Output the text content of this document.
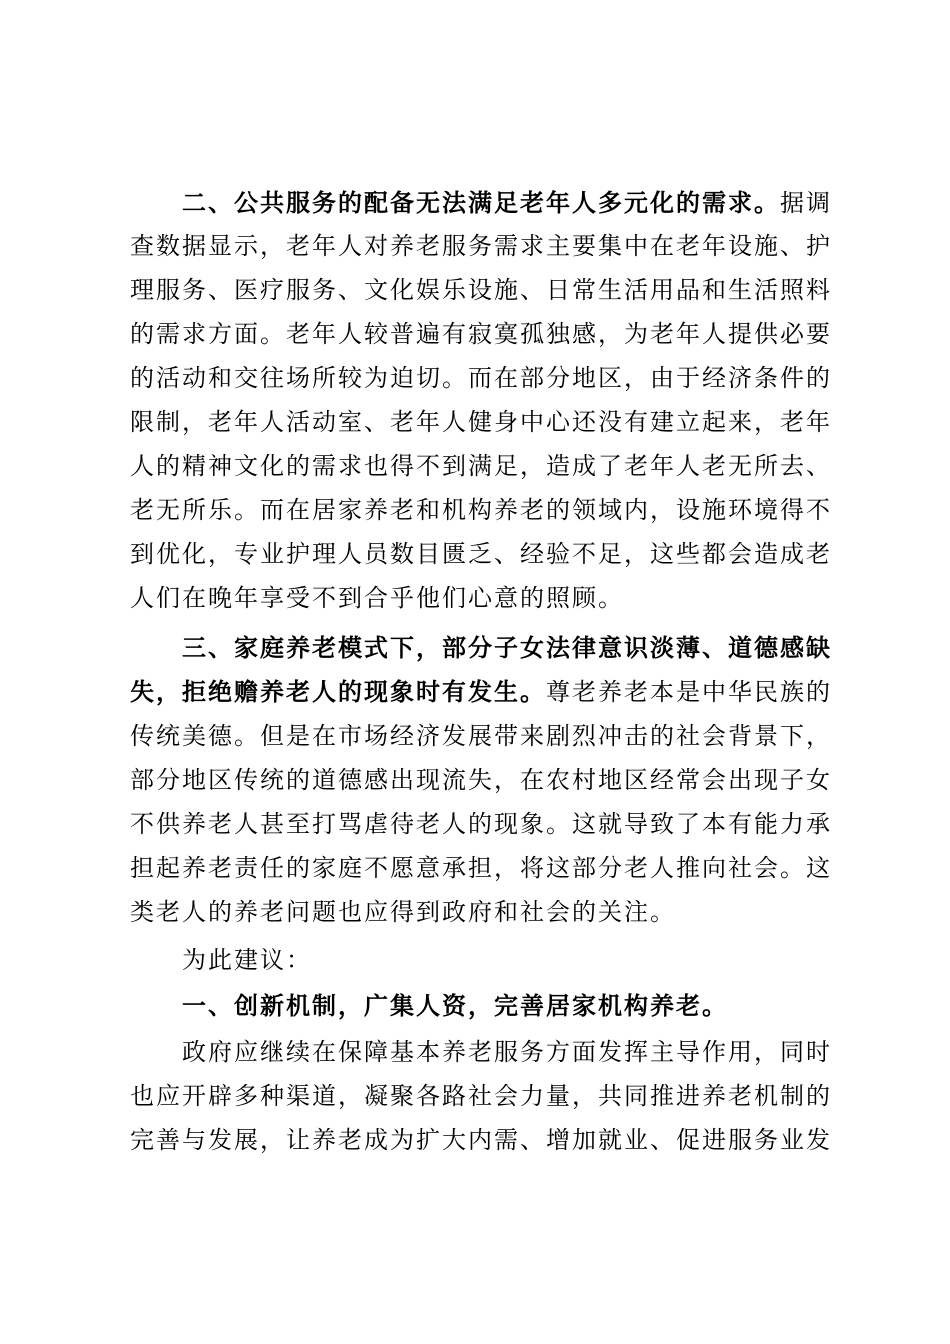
二、公共服务的配备无法满足老年人多元化的需求。据调
查数据显示，老年人对养老服务需求主要集中在老年设施、护
理服务、医疗服务、文化娱乐设施、日常生活用品和生活照料
的需求方面。老年人较普遍有寂寞孤独感，为老年人提供必要
的活动和交往场所较为迫切。而在部分地区，由于经济条件的
限制，老年人活动室、老年人健身中心还没有建立起来，老年
人的精神文化的需求也得不到满足，造成了老年人老无所去、
老无所乐。而在居家养老和机构养老的领域内，设施环境得不
到优化，专业护理人员数目匮乏、经验不足，这些都会造成老
人们在晚年享受不到合乎他们心意的照顾。
三、家庭养老模式下，部分子女法律意识淡薄、道德感缺
失，拒绝赡养老人的现象时有发生。尊老养老本是中华民族的
传统美德。但是在市场经济发展带来剧烈冲击的社会背景下，
部分地区传统的道德感出现流失，在农村地区经常会出现子女
不供养老人甚至打骂虐待老人的现象。这就导致了本有能力承
担起养老责任的家庭不愿意承担，将这部分老人推向社会。这
类老人的养老问题也应得到政府和社会的关注。
为此建议：
一、创新机制，广集人资，完善居家机构养老。
政府应继续在保障基本养老服务方面发挥主导作用，同时
也应开辟多种渠道，凝聚各路社会力量，共同推进养老机制的
完善与发展，让养老成为扩大内需、增加就业、促进服务业发
